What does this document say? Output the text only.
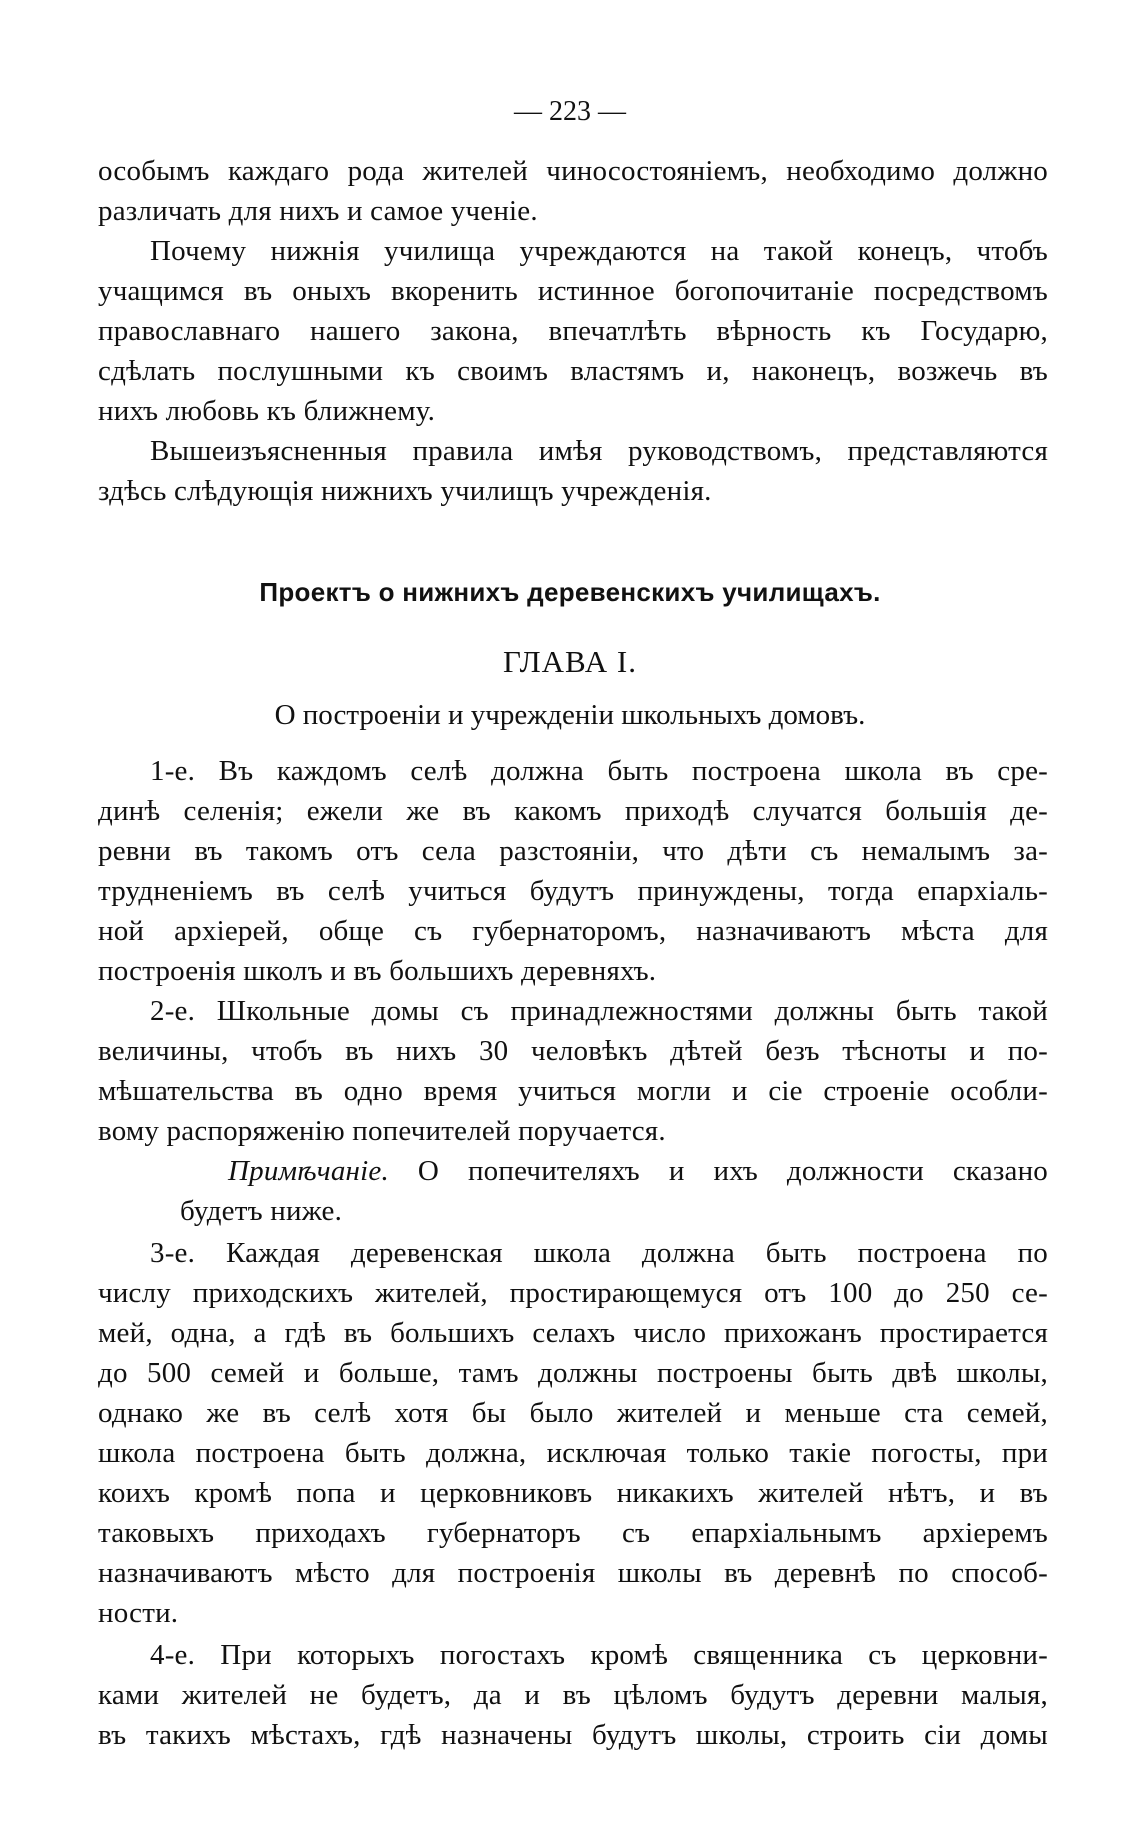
— 223 —
особымъ каждаго рода жителей чиносостояніемъ, необходимо должно
различать для нихъ и самое ученіе.
Почему нижнія училища учреждаются на такой конецъ, чтобъ
учащимся въ оныхъ вкоренить истинное богопочитаніе посредствомъ
православнаго нашего закона, впечатлѣть вѣрность къ Государю,
сдѣлать послушными къ своимъ властямъ и, наконецъ, возжечь въ
нихъ любовь къ ближнему.
Вышеизъясненныя правила имѣя руководствомъ, представляются
здѣсь слѣдующія нижнихъ училищъ учрежденія.
Проектъ о нижнихъ деревенскихъ училищахъ.
ГЛАВА I.
О построеніи и учрежденіи школьныхъ домовъ.
1-е. Въ каждомъ селѣ должна быть построена школа въ сре-
динѣ селенія; ежели же въ какомъ приходѣ случатся большія де-
ревни въ такомъ отъ села разстояніи, что дѣти съ немалымъ за-
трудненіемъ въ селѣ учиться будутъ принуждены, тогда епархіаль-
ной архіерей, обще съ губернаторомъ, назначиваютъ мѣста для
построенія школъ и въ большихъ деревняхъ.
2-е. Школьные домы съ принадлежностями должны быть такой
величины, чтобъ въ нихъ 30 человѣкъ дѣтей безъ тѣсноты и по-
мѣшательства въ одно время учиться могли и сіе строеніе особли-
вому распоряженію попечителей поручается.
Примѣчаніе. О попечителяхъ и ихъ должности сказано
будетъ ниже.
3-е. Каждая деревенская школа должна быть построена по
числу приходскихъ жителей, простирающемуся отъ 100 до 250 се-
мей, одна, а гдѣ въ большихъ селахъ число прихожанъ простирается
до 500 семей и больше, тамъ должны построены быть двѣ школы,
однако же въ селѣ хотя бы было жителей и меньше ста семей,
школа построена быть должна, исключая только такіе погосты, при
коихъ кромѣ попа и церковниковъ никакихъ жителей нѣтъ, и въ
таковыхъ приходахъ губернаторъ съ епархіальнымъ архіеремъ
назначиваютъ мѣсто для построенія школы въ деревнѣ по способ-
ности.
4-е. При которыхъ погостахъ кромѣ священника съ церковни-
ками жителей не будетъ, да и въ цѣломъ будутъ деревни малыя,
въ такихъ мѣстахъ, гдѣ назначены будутъ школы, строить сіи домы
